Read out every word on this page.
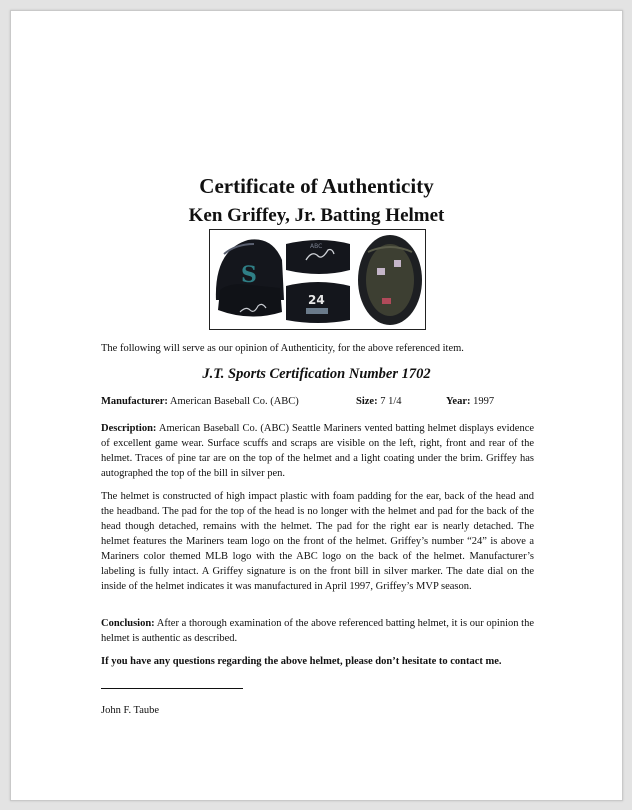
Certificate of Authenticity
Ken Griffey, Jr. Batting Helmet
S
ABC
24
The following will serve as our opinion of Authenticity, for the above referenced item.
J.T. Sports Certification Number 1702
Manufacturer: American Baseball Co. (ABC)	Size: 7 1/4	Year: 1997
Description: American Baseball Co. (ABC) Seattle Mariners vented batting helmet displays evidence of excellent game wear. Surface scuffs and scraps are visible on the left, right, front and rear of the helmet. Traces of pine tar are on the top of the helmet and a light coating under the brim. Griffey has autographed the top of the bill in silver pen.
The helmet is constructed of high impact plastic with foam padding for the ear, back of the head and the headband. The pad for the top of the head is no longer with the helmet and pad for the back of the head though detached, remains with the helmet. The pad for the right ear is nearly detached. The helmet features the Mariners team logo on the front of the helmet. Griffey’s number “24” is above a Mariners color themed MLB logo with the ABC logo on the back of the helmet. Manufacturer’s labeling is fully intact. A Griffey signature is on the front bill in silver marker. The date dial on the inside of the helmet indicates it was manufactured in April 1997, Griffey’s MVP season.
Conclusion: After a thorough examination of the above referenced batting helmet, it is our opinion the helmet is authentic as described.
If you have any questions regarding the above helmet, please don’t hesitate to contact me.
John F. Taube
